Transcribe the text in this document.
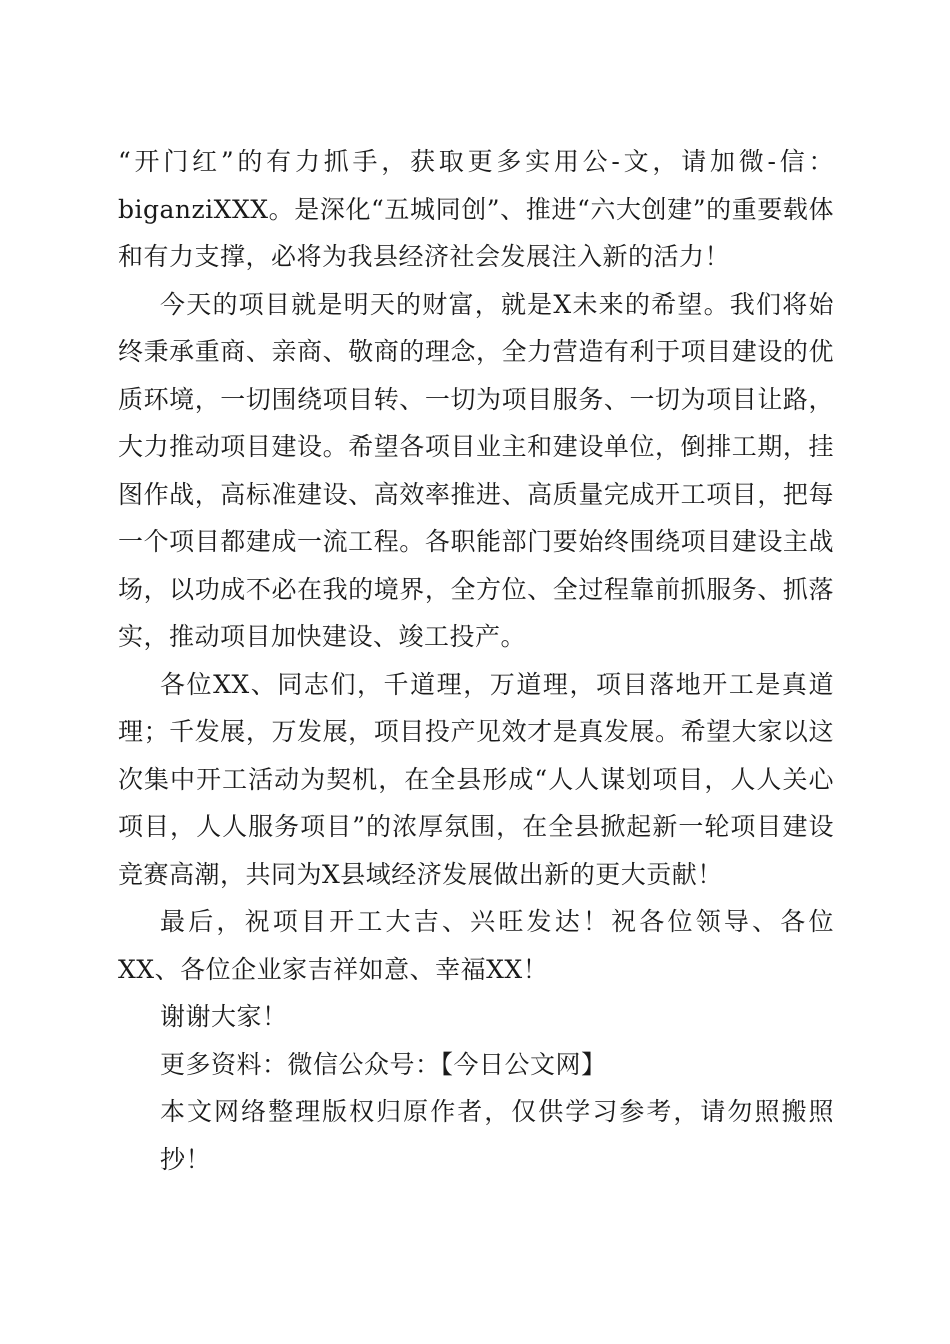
“开门红”的有力抓手，获取更多实用公-文，请加微-信：biganziXXX。是深化“五城同创”、推进“六大创建”的重要载体和有力支撑，必将为我县经济社会发展注入新的活力！

今天的项目就是明天的财富，就是X未来的希望。我们将始终秉承重商、亲商、敬商的理念，全力营造有利于项目建设的优质环境，一切围绕项目转、一切为项目服务、一切为项目让路，大力推动项目建设。希望各项目业主和建设单位，倒排工期，挂图作战，高标准建设、高效率推进、高质量完成开工项目，把每一个项目都建成一流工程。各职能部门要始终围绕项目建设主战场，以功成不必在我的境界，全方位、全过程靠前抓服务、抓落实，推动项目加快建设、竣工投产。

各位XX、同志们，千道理，万道理，项目落地开工是真道理；千发展，万发展，项目投产见效才是真发展。希望大家以这次集中开工活动为契机，在全县形成“人人谋划项目，人人关心项目，人人服务项目”的浓厚氛围，在全县掀起新一轮项目建设竞赛高潮，共同为X县域经济发展做出新的更大贡献！

最后，祝项目开工大吉、兴旺发达！祝各位领导、各位XX、各位企业家吉祥如意、幸福XX！

谢谢大家！

更多资料：微信公众号：【今日公文网】

本文网络整理版权归原作者，仅供学习参考，请勿照搬照抄！
